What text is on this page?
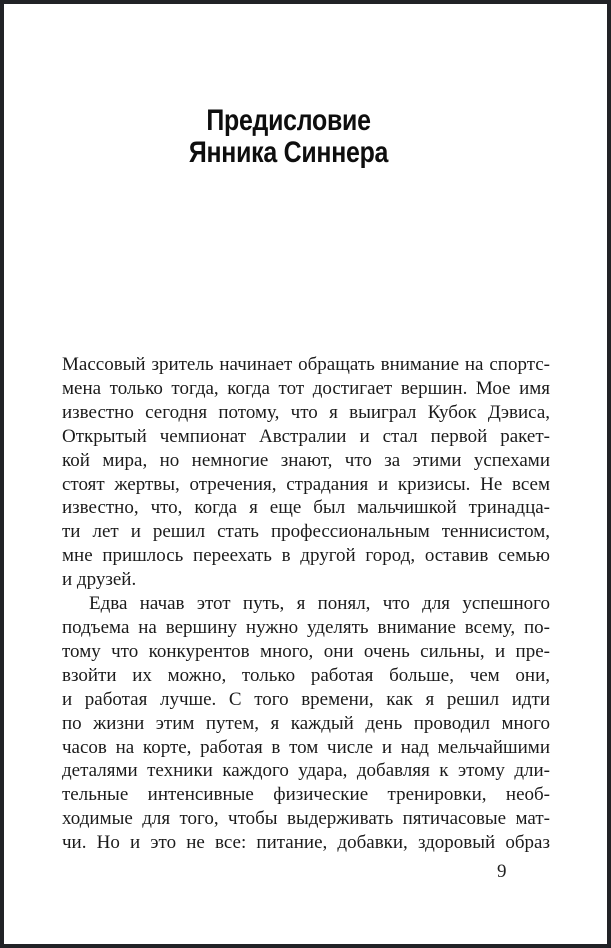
Предисловие
Янника Синнера
Массовый зритель начинает обращать внимание на спортс-
мена только тогда, когда тот достигает вершин. Мое имя
известно сегодня потому, что я выиграл Кубок Дэвиса,
Открытый чемпионат Австралии и стал первой ракет-
кой мира, но немногие знают, что за этими успехами
стоят жертвы, отречения, страдания и кризисы. Не всем
известно, что, когда я еще был мальчишкой тринадца-
ти лет и решил стать профессиональным теннисистом,
мне пришлось переехать в другой город, оставив семью
и друзей.
Едва начав этот путь, я понял, что для успешного
подъема на вершину нужно уделять внимание всему, по-
тому что конкурентов много, они очень сильны, и пре-
взойти их можно, только работая больше, чем они,
и работая лучше. С того времени, как я решил идти
по жизни этим путем, я каждый день проводил много
часов на корте, работая в том числе и над мельчайшими
деталями техники каждого удара, добавляя к этому дли-
тельные интенсивные физические тренировки, необ-
ходимые для того, чтобы выдерживать пятичасовые мат-
чи. Но и это не все: питание, добавки, здоровый образ
9
